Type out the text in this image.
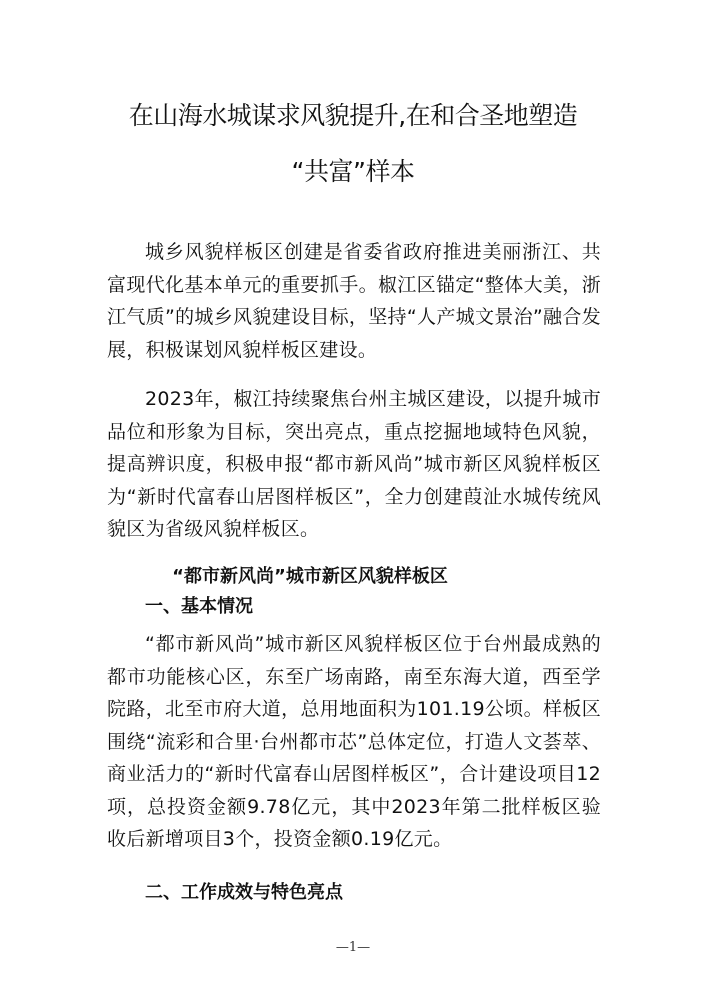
在山海水城谋求风貌提升,在和合圣地塑造
“共富”样本
城乡风貌样板区创建是省委省政府推进美丽浙江、共富现代化基本单元的重要抓手。椒江区锚定“整体大美，浙江气质”的城乡风貌建设目标，坚持“人产城文景治”融合发展，积极谋划风貌样板区建设。
2023年，椒江持续聚焦台州主城区建设，以提升城市品位和形象为目标，突出亮点，重点挖掘地域特色风貌，提高辨识度，积极申报“都市新风尚”城市新区风貌样板区为“新时代富春山居图样板区”，全力创建葭沚水城传统风貌区为省级风貌样板区。
“都市新风尚”城市新区风貌样板区
一、基本情况
“都市新风尚”城市新区风貌样板区位于台州最成熟的都市功能核心区，东至广场南路，南至东海大道，西至学院路，北至市府大道，总用地面积为101.19公顷。样板区围绕“流彩和合里·台州都市芯”总体定位，打造人文荟萃、商业活力的“新时代富春山居图样板区”，合计建设项目12项，总投资金额9.78亿元，其中2023年第二批样板区验收后新增项目3个，投资金额0.19亿元。
二、工作成效与特色亮点
—1—
